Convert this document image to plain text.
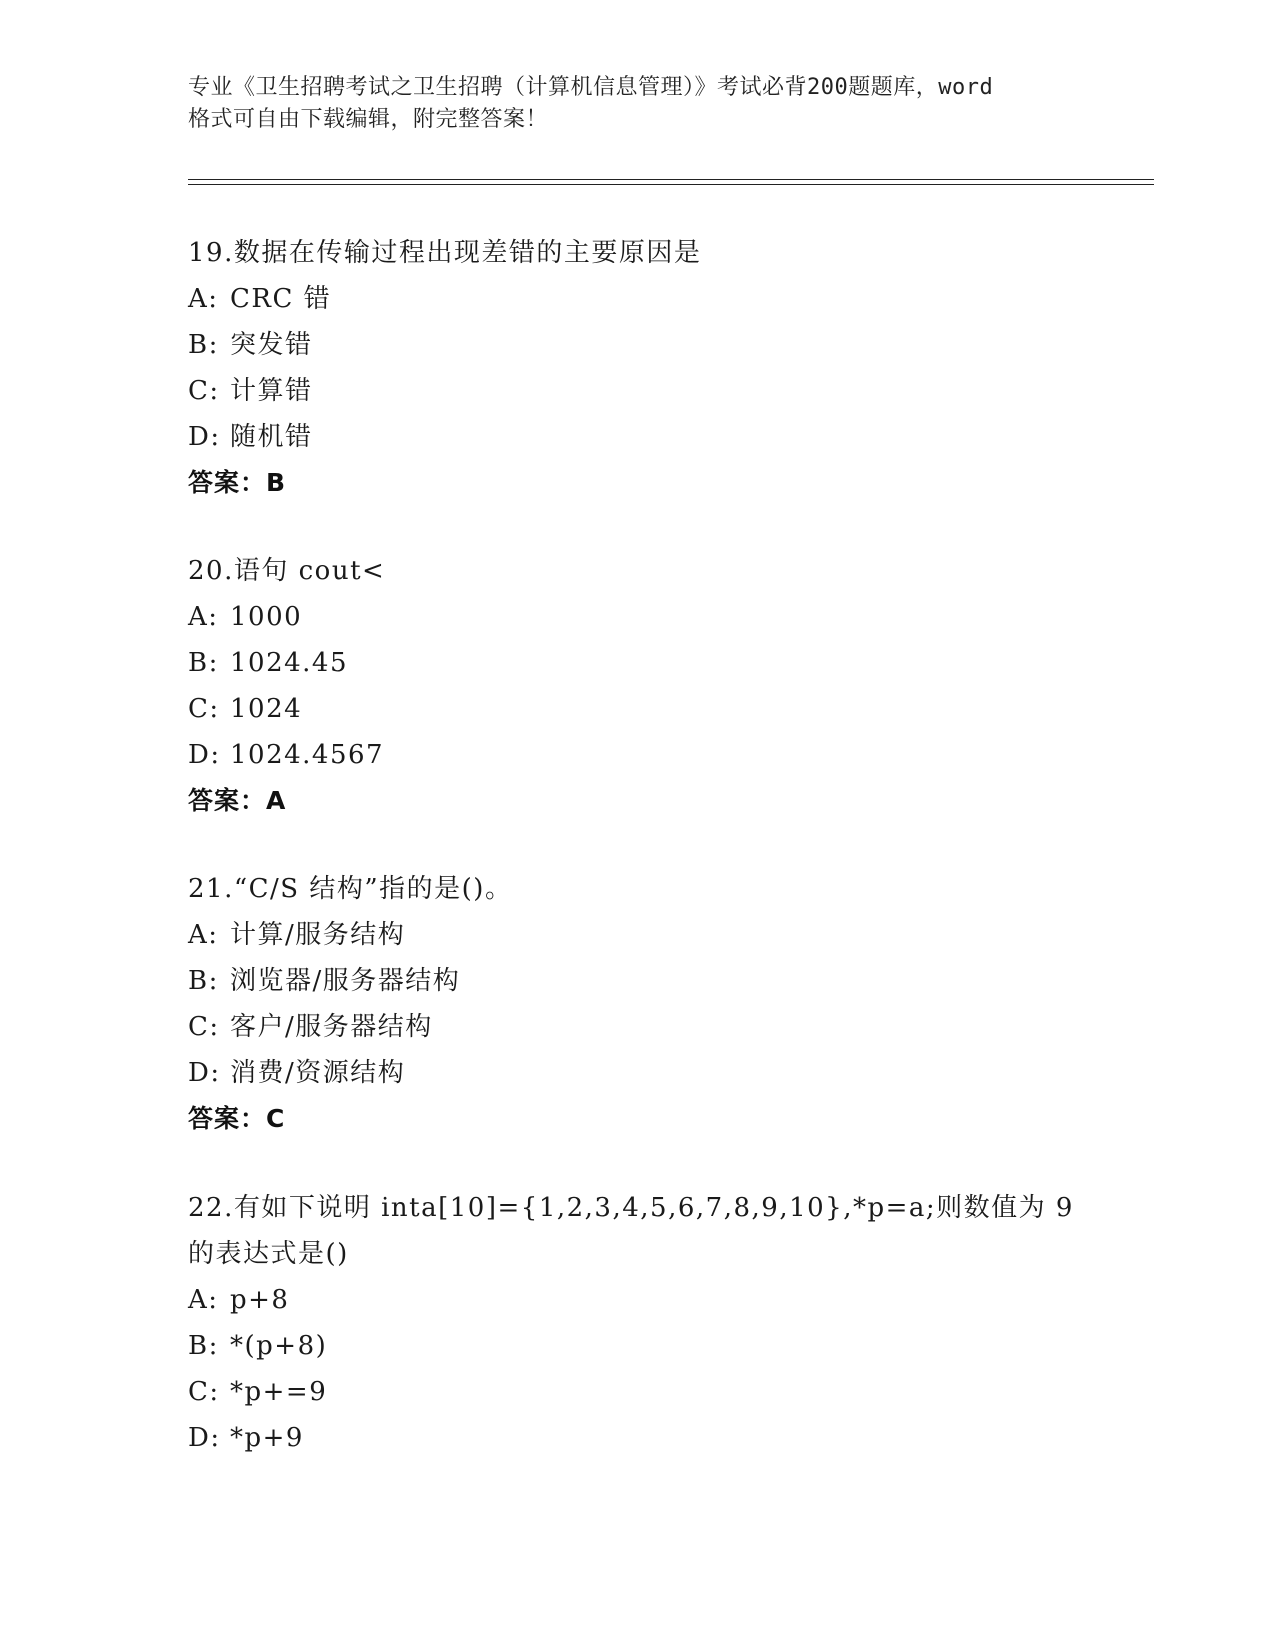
专业《卫生招聘考试之卫生招聘（计算机信息管理）》考试必背200题题库，word
格式可自由下载编辑，附完整答案！
19.数据在传输过程出现差错的主要原因是
A: CRC 错
B: 突发错
C: 计算错
D: 随机错
答案：B
20.语句 cout<
A: 1000
B: 1024.45
C: 1024
D: 1024.4567
答案：A
21.“C/S 结构”指的是()。
A: 计算/服务结构
B: 浏览器/服务器结构
C: 客户/服务器结构
D: 消费/资源结构
答案：C
22.有如下说明 inta[10]={1,2,3,4,5,6,7,8,9,10},*p=a;则数值为 9
的表达式是()
A: p+8
B: *(p+8)
C: *p+=9
D: *p+9
